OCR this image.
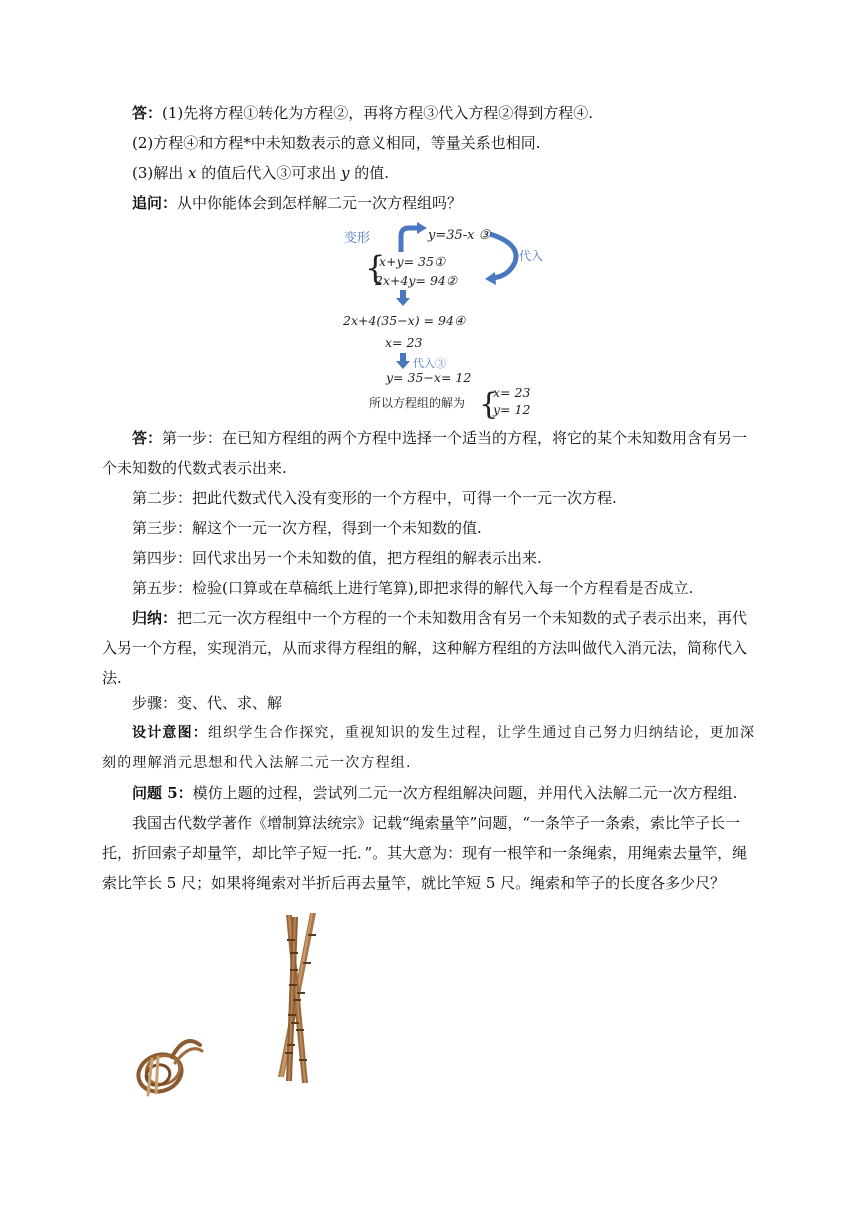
答：(1)先将方程①转化为方程②，再将方程③代入方程②得到方程④.

(2)方程④和方程*中未知数表示的意义相同，等量关系也相同.

(3)解出 x 的值后代入③可求出 y 的值.

追问：从中你能体会到怎样解二元一次方程组吗？

变形	y=35-x ③
代入
{
x+y= 35①
2x+4y= 94②
2x+4(35−x) = 94④
x= 23
代入③
y= 35−x= 12
所以方程组的解为 {
x= 23
y= 12

答：第一步：在已知方程组的两个方程中选择一个适当的方程，将它的某个未知数用含有另一个未知数的代数式表示出来.

第二步：把此代数式代入没有变形的一个方程中，可得一个一元一次方程.

第三步：解这个一元一次方程，得到一个未知数的值.

第四步：回代求出另一个未知数的值，把方程组的解表示出来.

第五步：检验(口算或在草稿纸上进行笔算),即把求得的解代入每一个方程看是否成立.

归纳：把二元一次方程组中一个方程的一个未知数用含有另一个未知数的式子表示出来，再代入另一个方程，实现消元，从而求得方程组的解，这种解方程组的方法叫做代入消元法，简称代入法.

步骤：变、代、求、解

设计意图：组织学生合作探究，重视知识的发生过程，让学生通过自己努力归纳结论，更加深刻的理解消元思想和代入法解二元一次方程组.

问题 5：模仿上题的过程，尝试列二元一次方程组解决问题，并用代入法解二元一次方程组.

我国古代数学著作《增制算法统宗》记载“绳索量竿”问题，“一条竿子一条索，索比竿子长一托，折回索子却量竿，却比竿子短一托．”。其大意为：现有一根竿和一条绳索，用绳索去量竿，绳索比竿长 5 尺；如果将绳索对半折后再去量竿，就比竿短 5 尺。绳索和竿子的长度各多少尺？
